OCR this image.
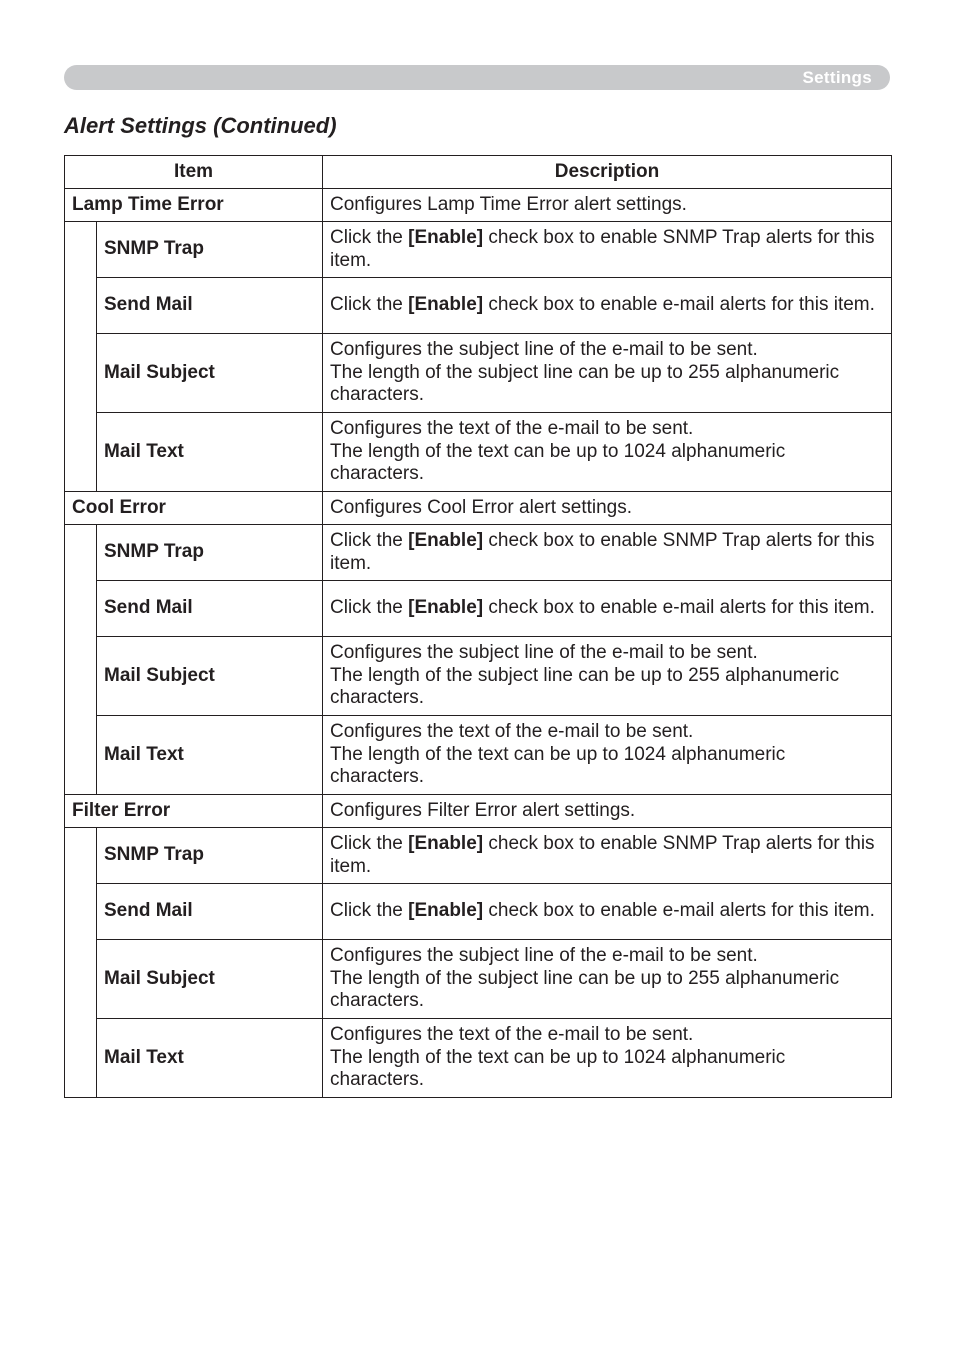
Settings
Alert Settings (Continued)
Item		Description
Lamp Time Error		Configures Lamp Time Error alert settings.
	SNMP Trap	Click the [Enable] check box to enable SNMP Trap alerts for this item.
	Send Mail	Click the [Enable] check box to enable e-mail alerts for this item.
	Mail Subject	Configures the subject line of the e-mail to be sent.
The length of the subject line can be up to 255 alphanumeric characters.

	Mail Text	Configures the text of the e-mail to be sent.
The length of the text can be up to 1024 alphanumeric characters.

Cool Error		Configures Cool Error alert settings.
	SNMP Trap	Click the [Enable] check box to enable SNMP Trap alerts for this item.
	Send Mail	Click the [Enable] check box to enable e-mail alerts for this item.
	Mail Subject	Configures the subject line of the e-mail to be sent.
The length of the subject line can be up to 255 alphanumeric characters.

	Mail Text	Configures the text of the e-mail to be sent.
The length of the text can be up to 1024 alphanumeric characters.

Filter Error		Configures Filter Error alert settings.
	SNMP Trap	Click the [Enable] check box to enable SNMP Trap alerts for this item.
	Send Mail	Click the [Enable] check box to enable e-mail alerts for this item.
	Mail Subject	Configures the subject line of the e-mail to be sent.
The length of the subject line can be up to 255 alphanumeric characters.

	Mail Text	Configures the text of the e-mail to be sent.
The length of the text can be up to 1024 alphanumeric characters.
